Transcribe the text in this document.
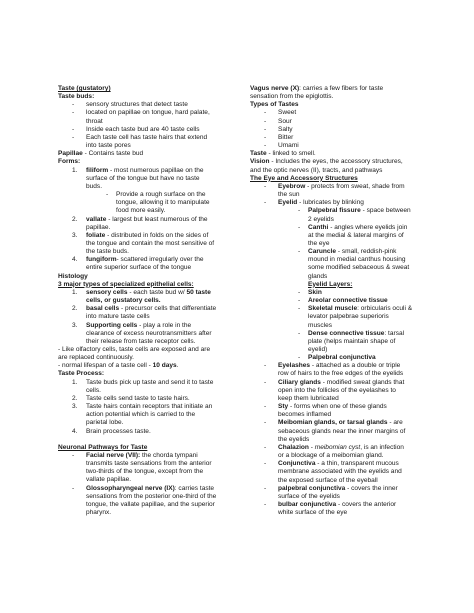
Taste (gustatory)
Taste buds:
-	sensory structures that detect taste
-	located on papillae on tongue, hard palate,
throat
-	Inside each taste bud are 40 taste cells
-	Each taste cell has taste hairs that extend
into taste pores
Papillae - Contains taste bud
Forms:
1.	filiform - most numerous papillae on the
surface of the tongue but have no taste
buds.
-	Provide a rough surface on the
tongue, allowing it to manipulate
food more easily.
2.	vallate - largest but least numerous of the
papillae.
3.	foliate - distributed in folds on the sides of
the tongue and contain the most sensitive of
the taste buds.
4.	fungiform- scattered irregularly over the
entire superior surface of the tongue
Histology
3 major types of specialized epithelial cells:
1.	sensory cells - each taste bud w/ 50 taste
cells, or gustatory cells.
2.	basal cells - precursor cells that differentiate
into mature taste cells
3.	Supporting cells - play a role in the
clearance of excess neurotransmitters after
their release from taste receptor cells.
- Like olfactory cells, taste cells are exposed and are
are replaced continuously.
- normal lifespan of a taste cell - 10 days.
Taste Process:
1.	Taste buds pick up taste and send it to taste
cells.
2.	Taste cells send taste to taste hairs.
3.	Taste hairs contain receptors that initiate an
action potential which is carried to the
parietal lobe.
4.	Brain processes taste.
Neuronal Pathways for Taste
-	Facial nerve (VII): the chorda tympani
transmits taste sensations from the anterior
two-thirds of the tongue, except from the
vallate papillae.
-	Glossopharyngeal nerve (IX): carries taste
sensations from the posterior one-third of the
tongue, the vallate papillae, and the superior
pharynx.
Vagus nerve (X): carries a few fibers for taste
sensation from the epiglottis.
Types of Tastes
-	Sweet
-	Sour
-	Salty
-	Bitter
-	Umami
Taste - linked to smell.
Vision - Includes the eyes, the accessory structures,
and the optic nerves (II), tracts, and pathways
The Eye and Accessory Structures
-	Eyebrow - protects from sweat, shade from
the sun
-	Eyelid - lubricates by blinking
-	Palpebral fissure - space between
2 eyelids
-	Canthi - angles where eyelids join
at the medial & lateral margins of
the eye
-	Caruncle - small, reddish-pink
mound in medial canthus housing
some modified sebaceous & sweat
glands
Eyelid Layers:
-	Skin
-	Areolar connective tissue
-	Skeletal muscle: orbicularis oculi &
levator palpebrae superioris
muscles
-	Dense connective tissue: tarsal
plate (helps maintain shape of
eyelid)
-	Palpebral conjunctiva
-	Eyelashes - attached as a double or triple
row of hairs to the free edges of the eyelids
-	Ciliary glands - modified sweat glands that
open into the follicles of the eyelashes to
keep them lubricated
-	Sty - forms when one of these glands
becomes inflamed
-	Meibomian glands, or tarsal glands - are
sebaceous glands near the inner margins of
the eyelids
-	Chalazion - meibomian cyst, is an infection
or a blockage of a meibomian gland.
-	Conjunctiva - a thin, transparent mucous
membrane associated with the eyelids and
the exposed surface of the eyeball
-	palpebral conjunctiva - covers the inner
surface of the eyelids
-	bulbar conjunctiva - covers the anterior
white surface of the eye
